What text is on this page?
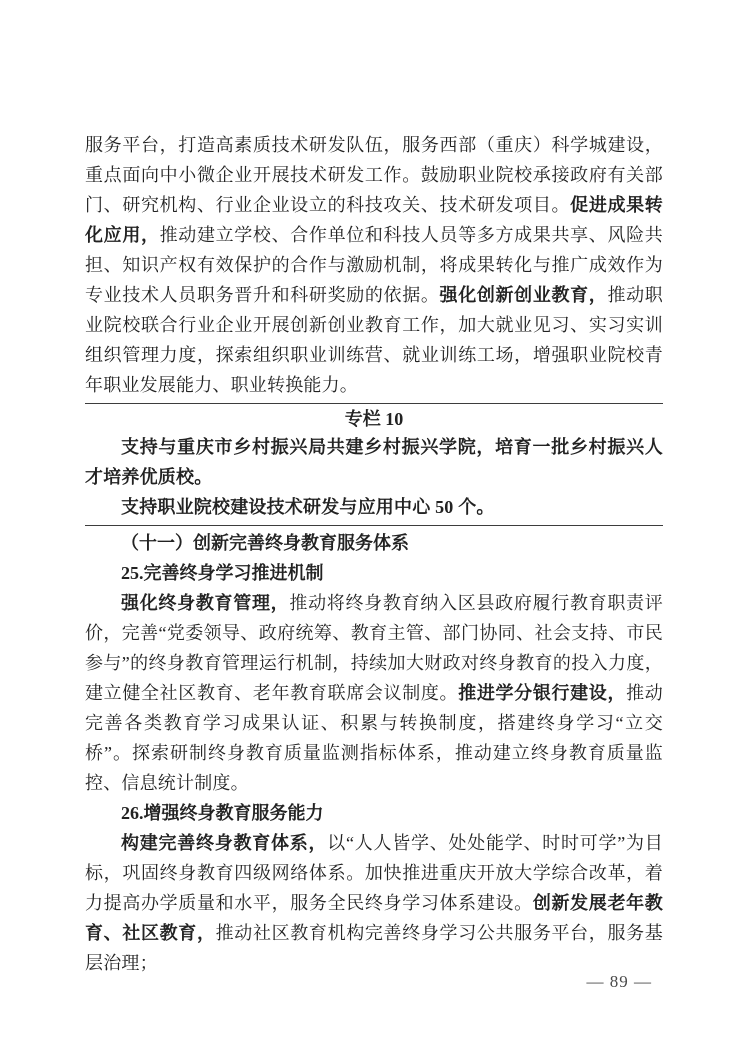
服务平台，打造高素质技术研发队伍，服务西部（重庆）科学城建设，重点面向中小微企业开展技术研发工作。鼓励职业院校承接政府有关部门、研究机构、行业企业设立的科技攻关、技术研发项目。促进成果转化应用，推动建立学校、合作单位和科技人员等多方成果共享、风险共担、知识产权有效保护的合作与激励机制，将成果转化与推广成效作为专业技术人员职务晋升和科研奖励的依据。强化创新创业教育，推动职业院校联合行业企业开展创新创业教育工作，加大就业见习、实习实训组织管理力度，探索组织职业训练营、就业训练工场，增强职业院校青年职业发展能力、职业转换能力。

专栏 10

支持与重庆市乡村振兴局共建乡村振兴学院，培育一批乡村振兴人才培养优质校。

支持职业院校建设技术研发与应用中心 50 个。

（十一）创新完善终身教育服务体系
25.完善终身学习推进机制

强化终身教育管理，推动将终身教育纳入区县政府履行教育职责评价，完善“党委领导、政府统筹、教育主管、部门协同、社会支持、市民参与”的终身教育管理运行机制，持续加大财政对终身教育的投入力度，建立健全社区教育、老年教育联席会议制度。推进学分银行建设，推动完善各类教育学习成果认证、积累与转换制度，搭建终身学习“立交桥”。探索研制终身教育质量监测指标体系，推动建立终身教育质量监控、信息统计制度。

26.增强终身教育服务能力

构建完善终身教育体系，以“人人皆学、处处能学、时时可学”为目标，巩固终身教育四级网络体系。加快推进重庆开放大学综合改革，着力提高办学质量和水平，服务全民终身学习体系建设。创新发展老年教育、社区教育，推动社区教育机构完善终身学习公共服务平台，服务基层治理；

— 89 —
